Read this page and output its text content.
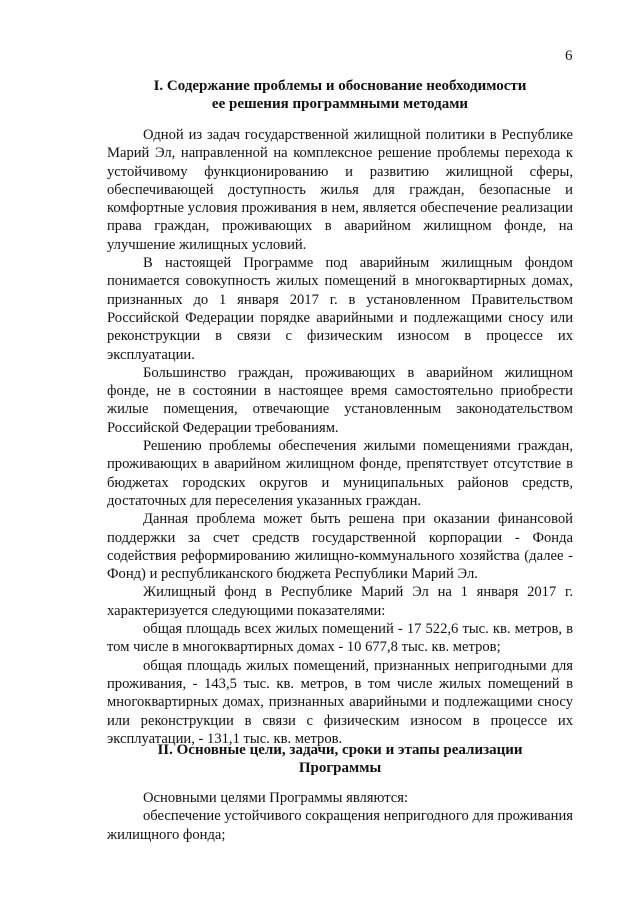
6
I. Содержание проблемы и обоснование необходимости
ее решения программными методами

Одной из задач государственной жилищной политики в Республике Марий Эл, направленной на комплексное решение проблемы перехода к устойчивому функционированию и развитию жилищной сферы, обеспечивающей доступность жилья для граждан, безопасные и комфортные условия проживания в нем, является обеспечение реализации права граждан, проживающих в аварийном жилищном фонде, на улучшение жилищных условий.

В настоящей Программе под аварийным жилищным фондом понимается совокупность жилых помещений в многоквартирных домах, признанных до 1 января 2017 г. в установленном Правительством Российской Федерации порядке аварийными и подлежащими сносу или реконструкции в связи с физическим износом в процессе их эксплуатации.

Большинство граждан, проживающих в аварийном жилищном фонде, не в состоянии в настоящее время самостоятельно приобрести жилые помещения, отвечающие установленным законодательством Российской Федерации требованиям.

Решению проблемы обеспечения жилыми помещениями граждан, проживающих в аварийном жилищном фонде, препятствует отсутствие в бюджетах городских округов и муниципальных районов средств, достаточных для переселения указанных граждан.

Данная проблема может быть решена при оказании финансовой поддержки за счет средств государственной корпорации - Фонда содействия реформированию жилищно-коммунального хозяйства (далее - Фонд) и республиканского бюджета Республики Марий Эл.

Жилищный фонд в Республике Марий Эл на 1 января 2017 г. характеризуется следующими показателями:

общая площадь всех жилых помещений - 17 522,6 тыс. кв. метров, в том числе в многоквартирных домах - 10 677,8 тыс. кв. метров;

общая площадь жилых помещений, признанных непригодными для проживания, - 143,5 тыс. кв. метров, в том числе жилых помещений в многоквартирных домах, признанных аварийными и подлежащими сносу или реконструкции в связи с физическим износом в процессе их эксплуатации, - 131,1 тыс. кв. метров.

II. Основные цели, задачи, сроки и этапы реализации
Программы

Основными целями Программы являются:

обеспечение устойчивого сокращения непригодного для проживания жилищного фонда;
